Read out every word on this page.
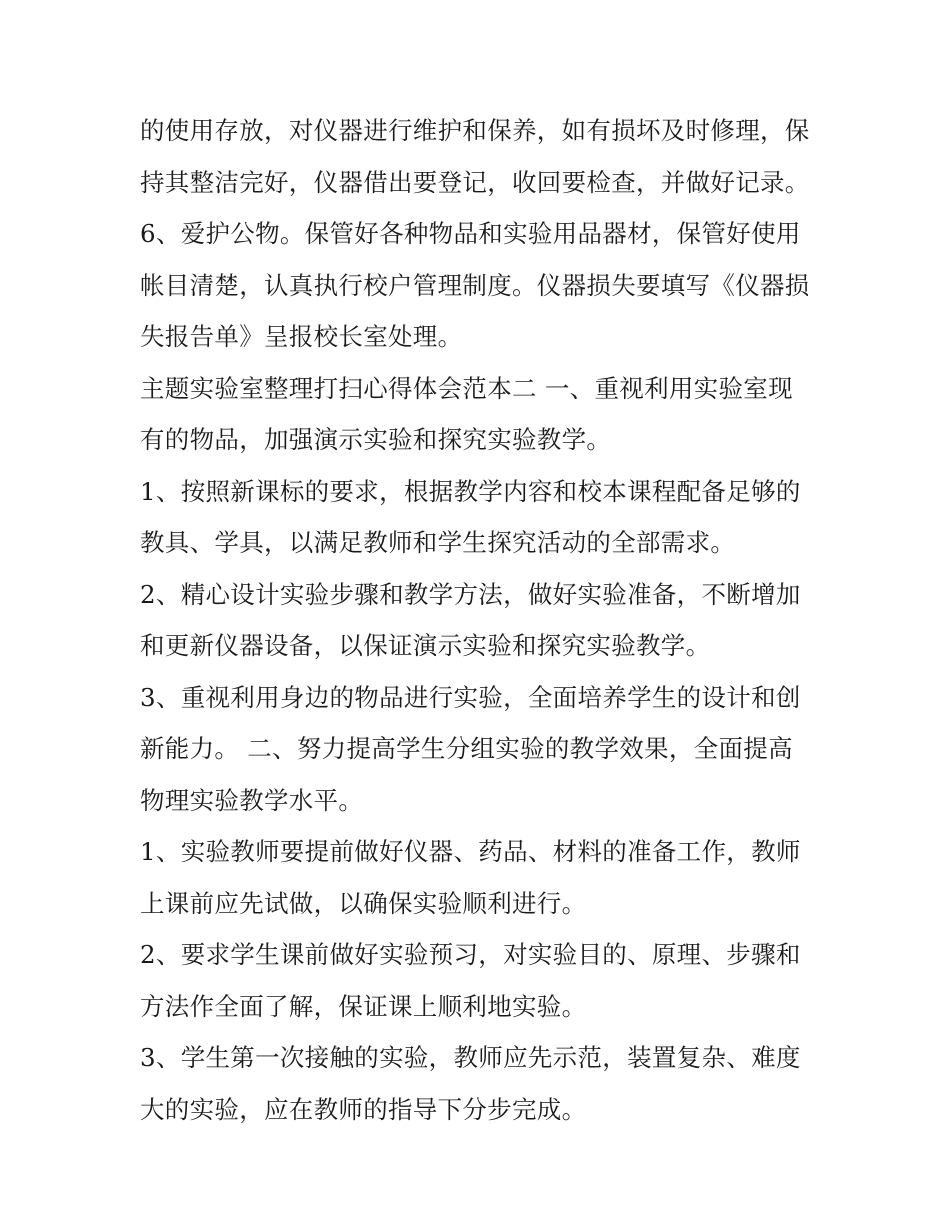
的使用存放，对仪器进行维护和保养，如有损坏及时修理，保
持其整洁完好，仪器借出要登记，收回要检查，并做好记录。
6、爱护公物。保管好各种物品和实验用品器材，保管好使用
帐目清楚，认真执行校户管理制度。仪器损失要填写《仪器损
失报告单》呈报校长室处理。
主题实验室整理打扫心得体会范本二 一、重视利用实验室现
有的物品，加强演示实验和探究实验教学。
1、按照新课标的要求，根据教学内容和校本课程配备足够的
教具、学具，以满足教师和学生探究活动的全部需求。
2、精心设计实验步骤和教学方法，做好实验准备，不断增加
和更新仪器设备，以保证演示实验和探究实验教学。
3、重视利用身边的物品进行实验，全面培养学生的设计和创
新能力。 二、努力提高学生分组实验的教学效果，全面提高
物理实验教学水平。
1、实验教师要提前做好仪器、药品、材料的准备工作，教师
上课前应先试做，以确保实验顺利进行。
2、要求学生课前做好实验预习，对实验目的、原理、步骤和
方法作全面了解，保证课上顺利地实验。
3、学生第一次接触的实验，教师应先示范，装置复杂、难度
大的实验，应在教师的指导下分步完成。
